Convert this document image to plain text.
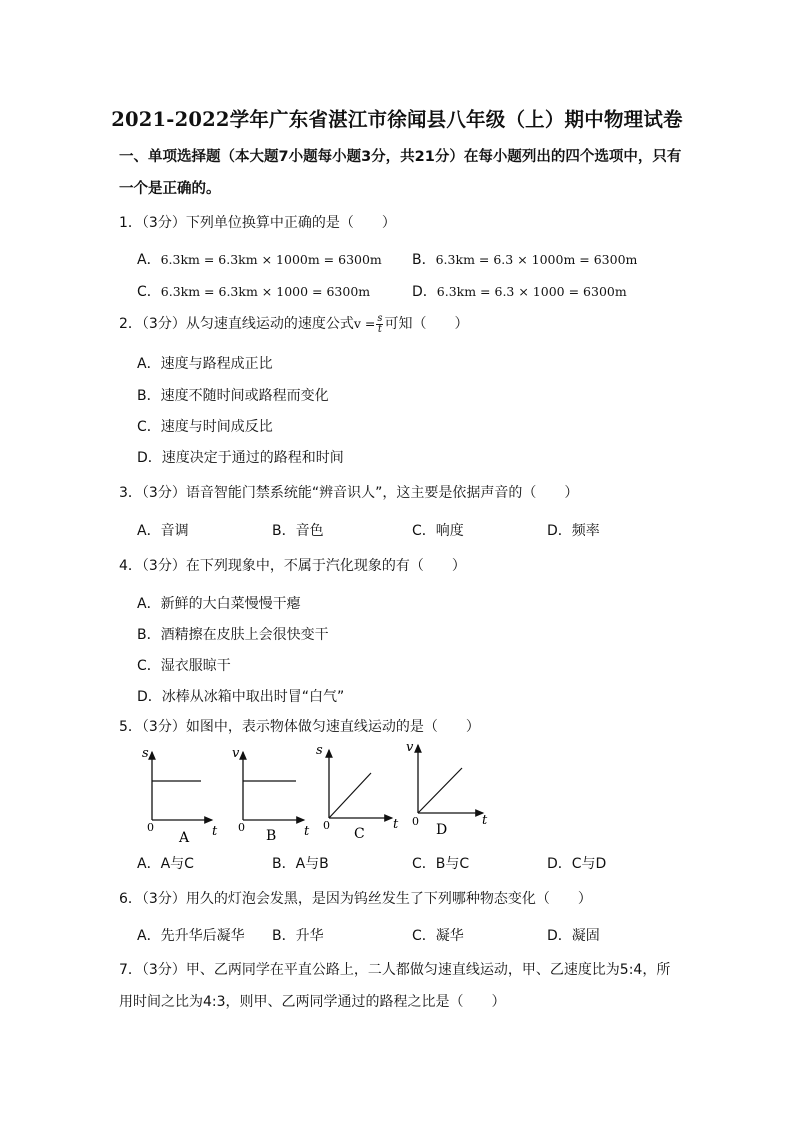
2021-2022学年广东省湛江市徐闻县八年级（上）期中物理试卷
一、单项选择题（本大题7小题每小题3分，共21分）在每小题列出的四个选项中，只有
一个是正确的。
1．（3分）下列单位换算中正确的是（　　）
A．6.3km = 6.3km × 1000m = 6300m B．6.3km = 6.3 × 1000m = 6300m
C．6.3km = 6.3km × 1000 = 6300m	D．6.3km = 6.3 × 1000 = 6300m
2．（3分）从匀速直线运动的速度公式$v = \frac{s}{t}$ 可知（　　）
A．速度与路程成正比
B．速度不随时间或路程而变化
C．速度与时间成反比
D．速度决定于通过的路程和时间
3．（3分）语音智能门禁系统能“辨音识人”，这主要是依据声音的（　　）
A．音调	B．音色	C．响度	D．频率
4．（3分）在下列现象中，不属于汽化现象的有（　　）
A．新鲜的大白菜慢慢干瘪
B．酒精擦在皮肤上会很快变干
C．湿衣服晾干
D．冰棒从冰箱中取出时冒“白气”
5．（3分）如图中，表示物体做匀速直线运动的是（　　）
s
t
0
A
v
t
0
B
s
t
0
C
v
t
0
D
A．A与C	B．A与B	C．B与C	D．C与D
6．（3分）用久的灯泡会发黑，是因为钨丝发生了下列哪种物态变化（　　）
A．先升华后凝华 B．升华	C．凝华	D．凝固
7．（3分）甲、乙两同学在平直公路上，二人都做匀速直线运动，甲、乙速度比为5:4，所
用时间之比为4:3，则甲、乙两同学通过的路程之比是（　　）
